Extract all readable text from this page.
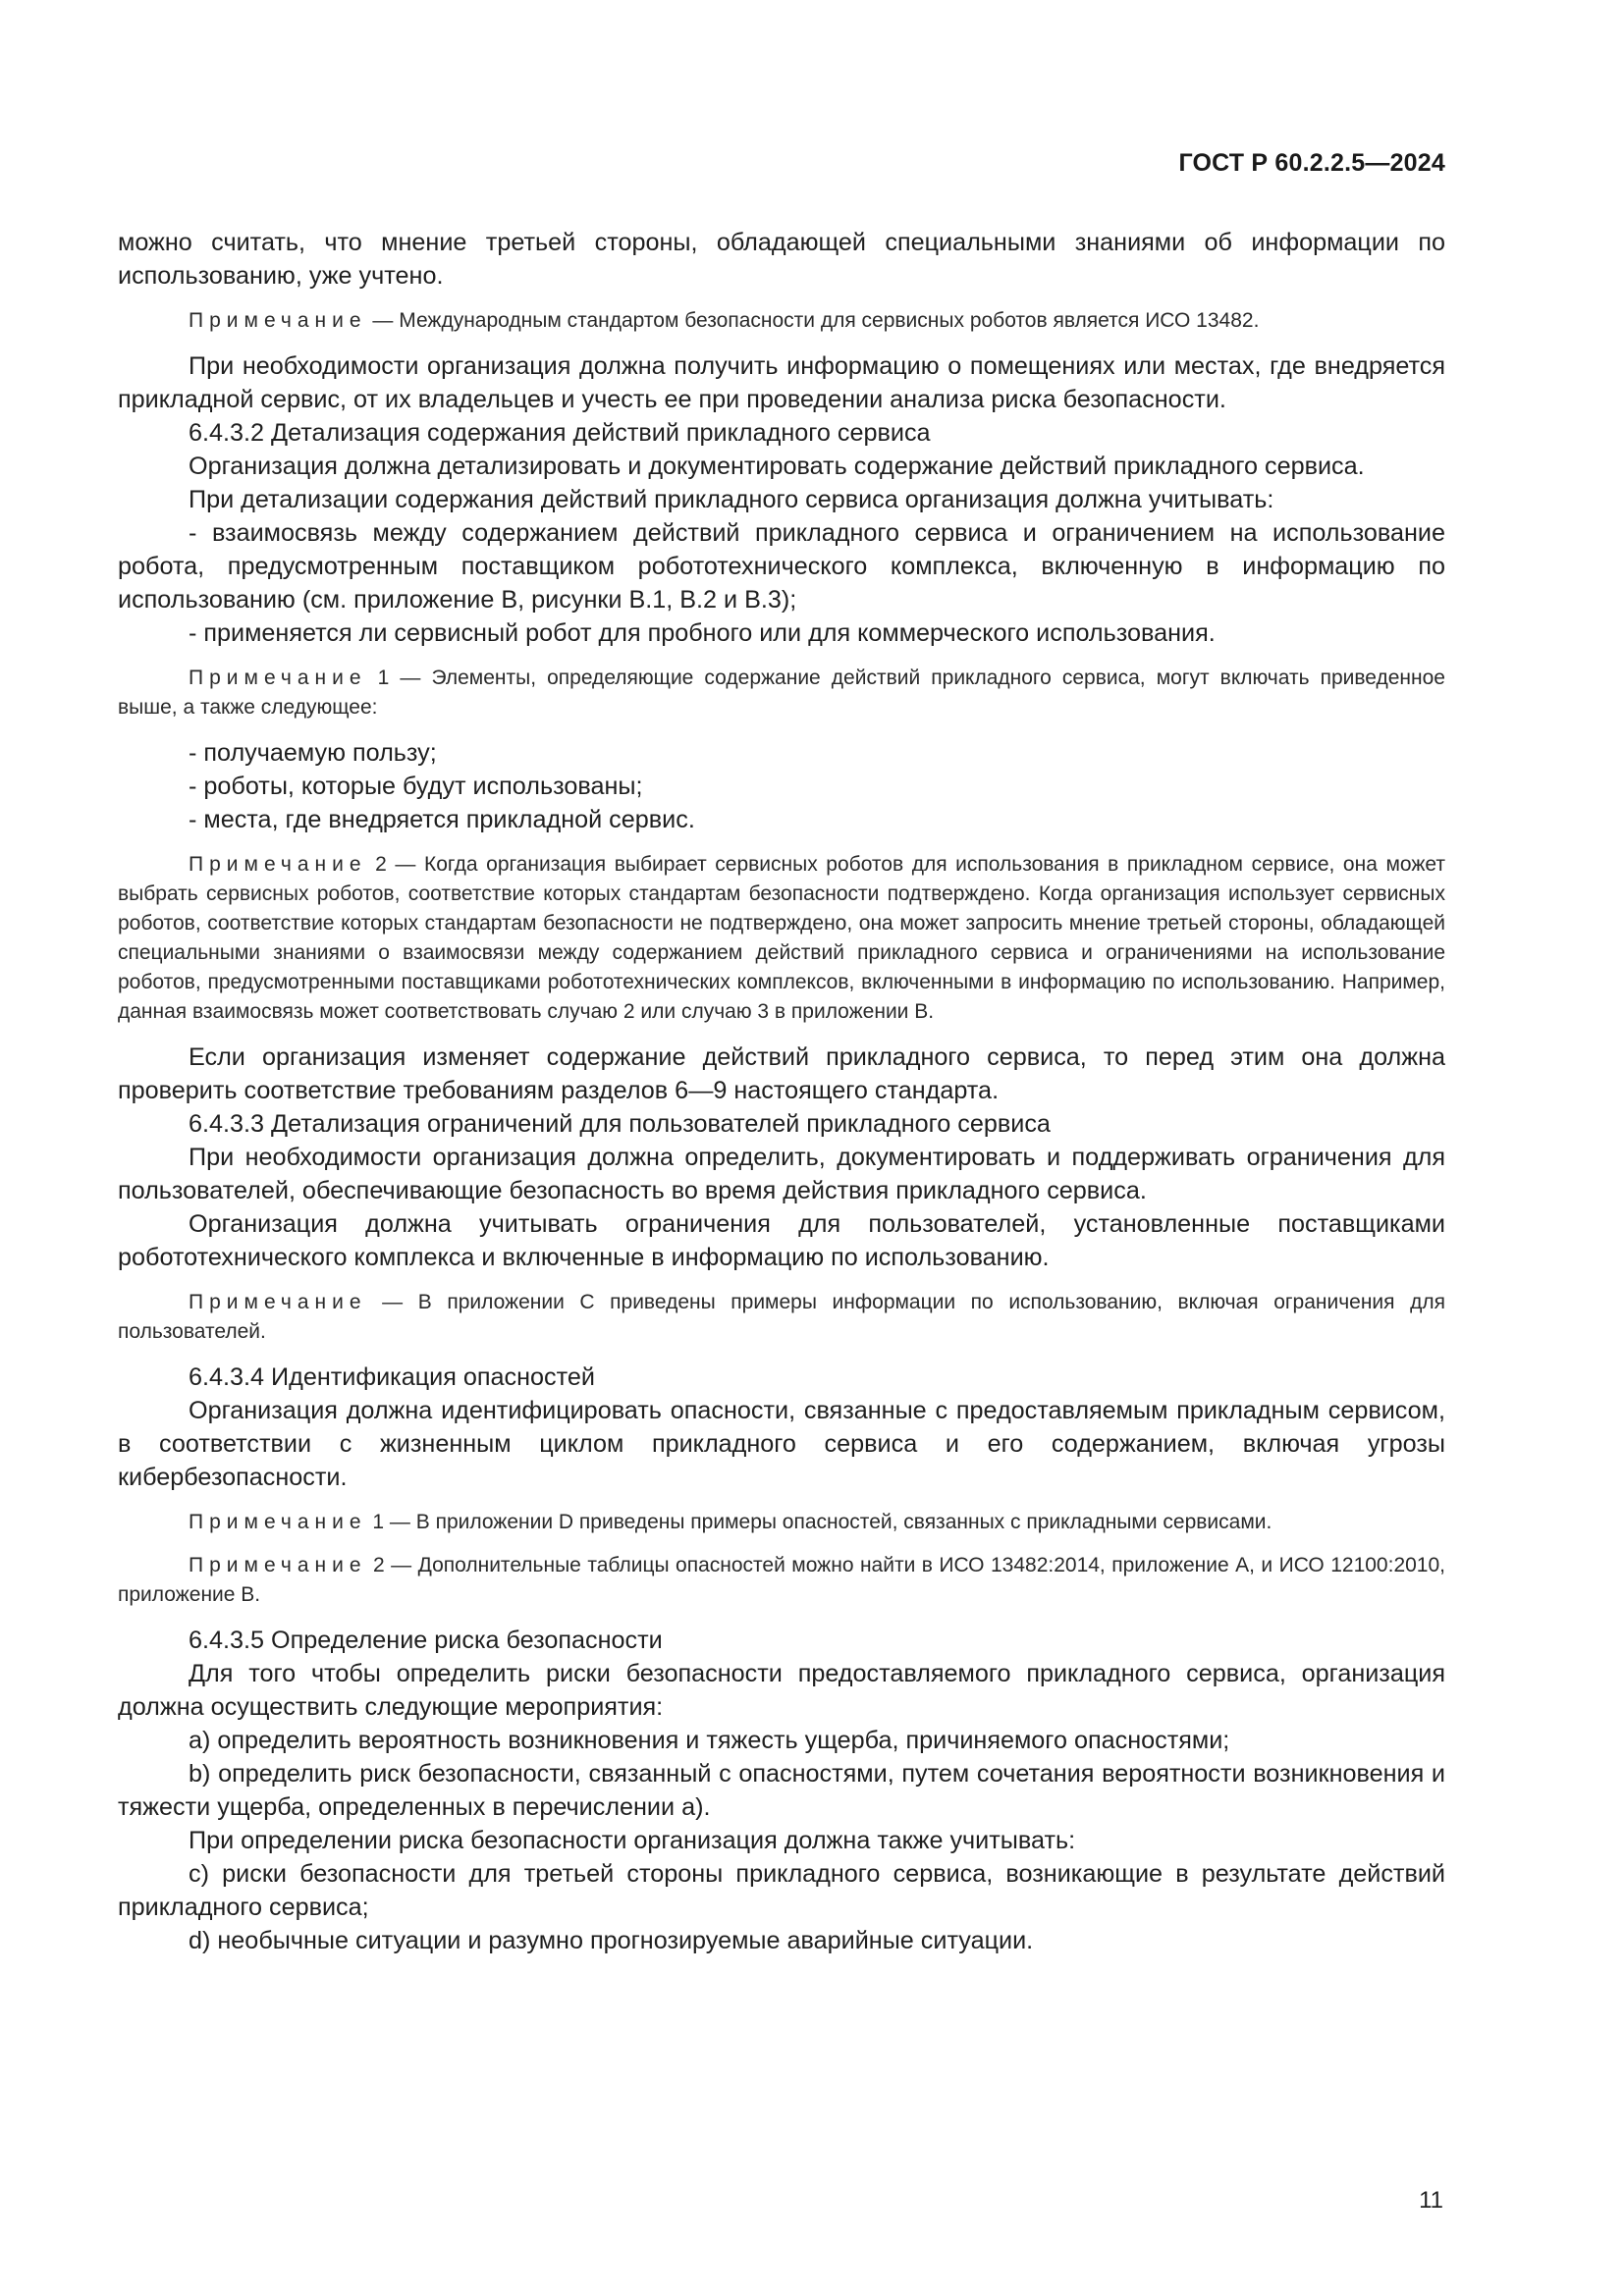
ГОСТ Р 60.2.2.5—2024

можно считать, что мнение третьей стороны, обладающей специальными знаниями об информации по использованию, уже учтено.

Примечание — Международным стандартом безопасности для сервисных роботов является ИСО 13482.

При необходимости организация должна получить информацию о помещениях или местах, где внедряется прикладной сервис, от их владельцев и учесть ее при проведении анализа риска безопасности.

6.4.3.2 Детализация содержания действий прикладного сервиса

Организация должна детализировать и документировать содержание действий прикладного сервиса.

При детализации содержания действий прикладного сервиса организация должна учитывать:

- взаимосвязь между содержанием действий прикладного сервиса и ограничением на использование робота, предусмотренным поставщиком робототехнического комплекса, включенную в информацию по использованию (см. приложение В, рисунки В.1, В.2 и В.3);

- применяется ли сервисный робот для пробного или для коммерческого использования.

Примечание 1 — Элементы, определяющие содержание действий прикладного сервиса, могут включать приведенное выше, а также следующее:

- получаемую пользу;

- роботы, которые будут использованы;

- места, где внедряется прикладной сервис.

Примечание 2 — Когда организация выбирает сервисных роботов для использования в прикладном сервисе, она может выбрать сервисных роботов, соответствие которых стандартам безопасности подтверждено. Когда организация использует сервисных роботов, соответствие которых стандартам безопасности не подтверждено, она может запросить мнение третьей стороны, обладающей специальными знаниями о взаимосвязи между содержанием действий прикладного сервиса и ограничениями на использование роботов, предусмотренными поставщиками робототехнических комплексов, включенными в информацию по использованию. Например, данная взаимосвязь может соответствовать случаю 2 или случаю 3 в приложении В.

Если организация изменяет содержание действий прикладного сервиса, то перед этим она должна проверить соответствие требованиям разделов 6—9 настоящего стандарта.

6.4.3.3 Детализация ограничений для пользователей прикладного сервиса

При необходимости организация должна определить, документировать и поддерживать ограничения для пользователей, обеспечивающие безопасность во время действия прикладного сервиса.

Организация должна учитывать ограничения для пользователей, установленные поставщиками робототехнического комплекса и включенные в информацию по использованию.

Примечание — В приложении С приведены примеры информации по использованию, включая ограничения для пользователей.

6.4.3.4 Идентификация опасностей

Организация должна идентифицировать опасности, связанные с предоставляемым прикладным сервисом, в соответствии с жизненным циклом прикладного сервиса и его содержанием, включая угрозы кибербезопасности.

Примечание 1 — В приложении D приведены примеры опасностей, связанных с прикладными сервисами.

Примечание 2 — Дополнительные таблицы опасностей можно найти в ИСО 13482:2014, приложение А, и ИСО 12100:2010, приложение В.

6.4.3.5 Определение риска безопасности

Для того чтобы определить риски безопасности предоставляемого прикладного сервиса, организация должна осуществить следующие мероприятия:

a) определить вероятность возникновения и тяжесть ущерба, причиняемого опасностями;

b) определить риск безопасности, связанный с опасностями, путем сочетания вероятности возникновения и тяжести ущерба, определенных в перечислении а).

При определении риска безопасности организация должна также учитывать:

c) риски безопасности для третьей стороны прикладного сервиса, возникающие в результате действий прикладного сервиса;

d) необычные ситуации и разумно прогнозируемые аварийные ситуации.

11
